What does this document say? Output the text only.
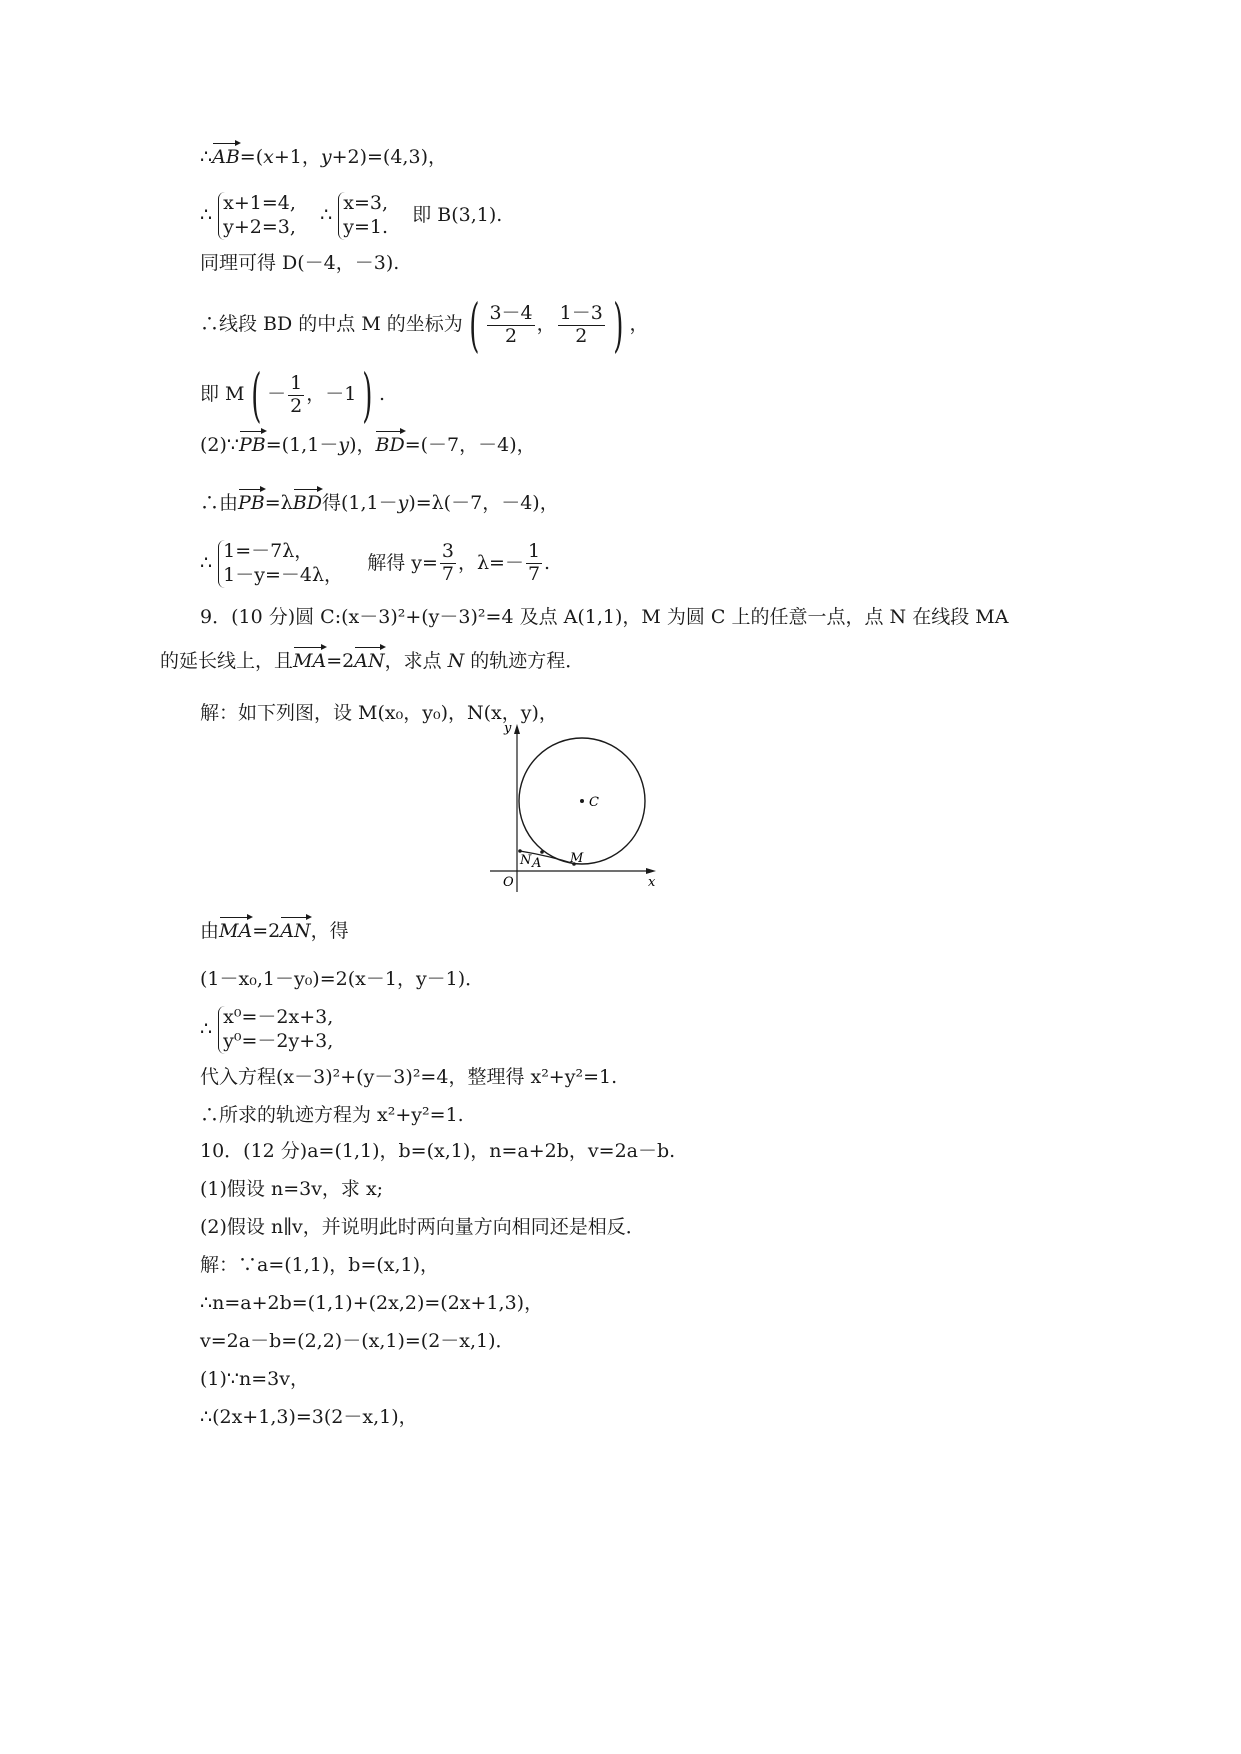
∴AB=(x+1，y+2)=(4,3)，
∴ x+1=4,
y+2=3,    ∴ x=3,
y=1.    即 B(3,1).
同理可得 D(－4，－3).
∴线段 BD 的中点 M 的坐标为 ( $\frac{3-4}{2}$ ， $\frac{1-3}{2}$ ) ，
即 M ( － $\frac{1}{2}$ ，－1 ) .
(2)∵PB=(1,1－y)，BD=(－7，－4)，
∴由PB=λBD得(1,1－y)=λ(－7，－4)，
∴ 1=－7λ，
1－y=－4λ，    解得 $y= \frac{3}{7}$ ，$\lambda=- \frac{1}{7}$ .
9．(10 分)圆 C:(x－3)²+(y－3)²=4 及点 A(1,1)，M 为圆 C 上的任意一点，点 N 在线段 MA
的延长线上，且MA=2AN，求点 N 的轨迹方程．
解：如下列图，设 M(x₀，y₀)，N(x，y)，
y
x
O
C
N A M
由MA=2AN，得
(1－x₀,1－y₀)=2(x－1，y－1)．
∴ x⁰=－2x+3,
y⁰=－2y+3,
代入方程(x－3)²+(y－3)²=4，整理得 x²+y²=1.
∴所求的轨迹方程为 x²+y²=1.
10．(12 分)a=(1,1)，b=(x,1)，n=a+2b，v=2a－b.
(1)假设 n=3v，求 x;
(2)假设 n∥v，并说明此时两向量方向相同还是相反．
解：∵a=(1,1)，b=(x,1)，
∴n=a+2b=(1,1)+(2x,2)=(2x+1,3)，
v=2a－b=(2,2)－(x,1)=(2－x,1)．
(1)∵n=3v，
∴(2x+1,3)=3(2－x,1)，
